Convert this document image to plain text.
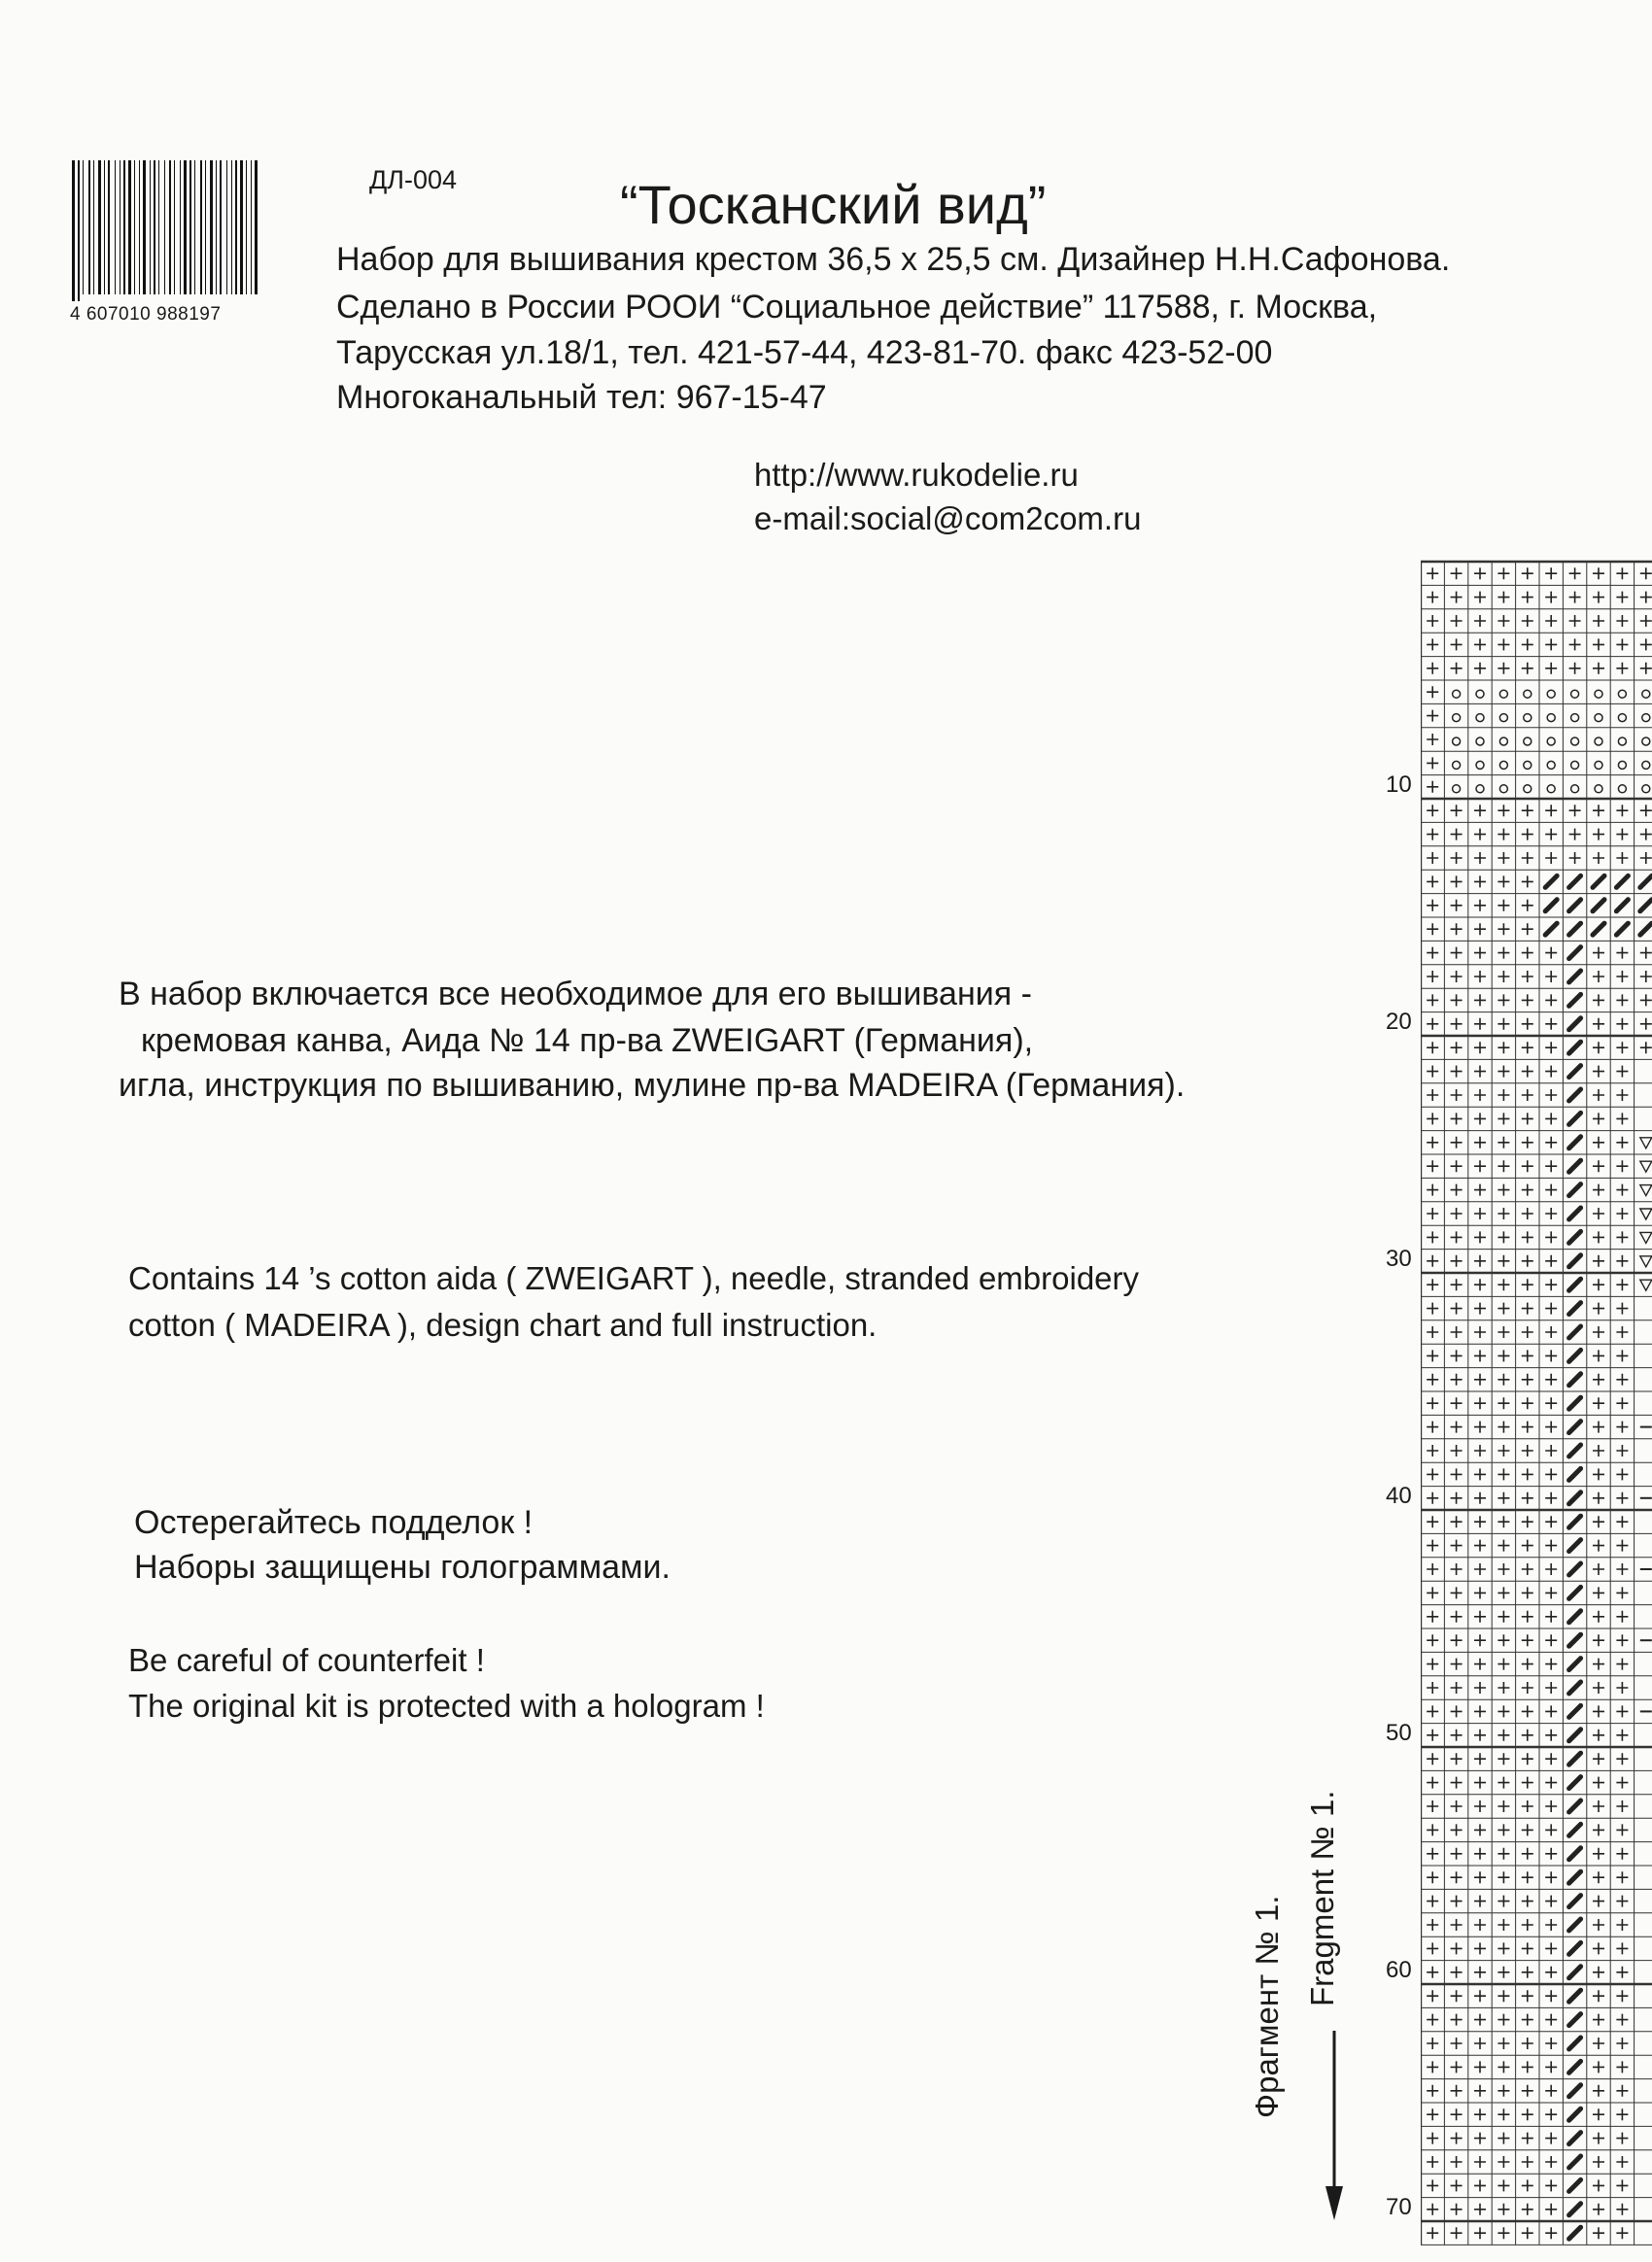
4 607010 988197
ДЛ-004	“Тосканский вид”
Набор для вышивания крестом 36,5 х 25,5 см. Дизайнер Н.Н.Сафонова.
Сделано в России РООИ “Социальное действие” 117588, г. Москва,
Тарусская ул.18/1, тел. 421-57-44, 423-81-70. факс 423-52-00
Многоканальный тел: 967-15-47
http://www.rukodelie.ru
e-mail:social@com2com.ru
В набор включается все необходимое для его вышивания -
кремовая канва, Аида № 14 пр-ва ZWEIGART (Германия),
игла, инструкция по вышиванию, мулине пр-ва MADEIRA (Германия).
Contains 14 ’s cotton aida ( ZWEIGART ), needle, stranded embroidery
cotton ( MADEIRA ), design chart and full instruction.
Остерегайтесь подделок !
Наборы защищены голограммами.
Be careful of counterfeit !
The original kit is protected with a hologram !
Фрагмент № 1. Fragment № 1.
10
20
30
40
50
60
70
